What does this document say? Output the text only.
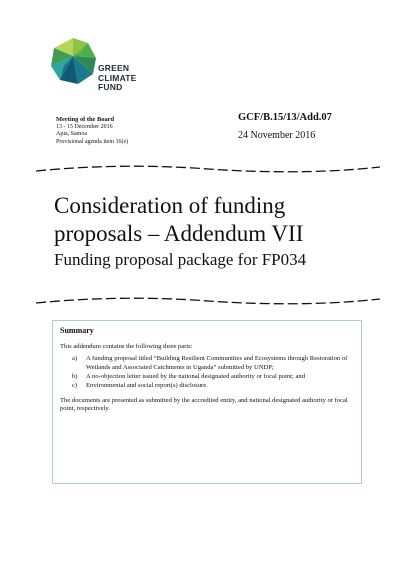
GREEN
CLIMATE
FUND
Meeting of the Board
13 - 15 December 2016
Apia, Samoa
Provisional agenda item 16(e)
GCF/B.15/13/Add.07
24 November 2016
Consideration of funding proposals – Addendum VII
Funding proposal package for FP034
Summary
This addendum contains the following three parts:
a)	A funding proposal titled “Building Resilient Communities and Ecosystems through Restoration of Wetlands and Associated Catchments in Uganda” submitted by UNDP;
b)	A no-objection letter issued by the national designated authority or focal point; and
c)	Environmental and social report(s) disclosure.
The documents are presented as submitted by the accredited entity, and national designated authority or focal point, respectively.
